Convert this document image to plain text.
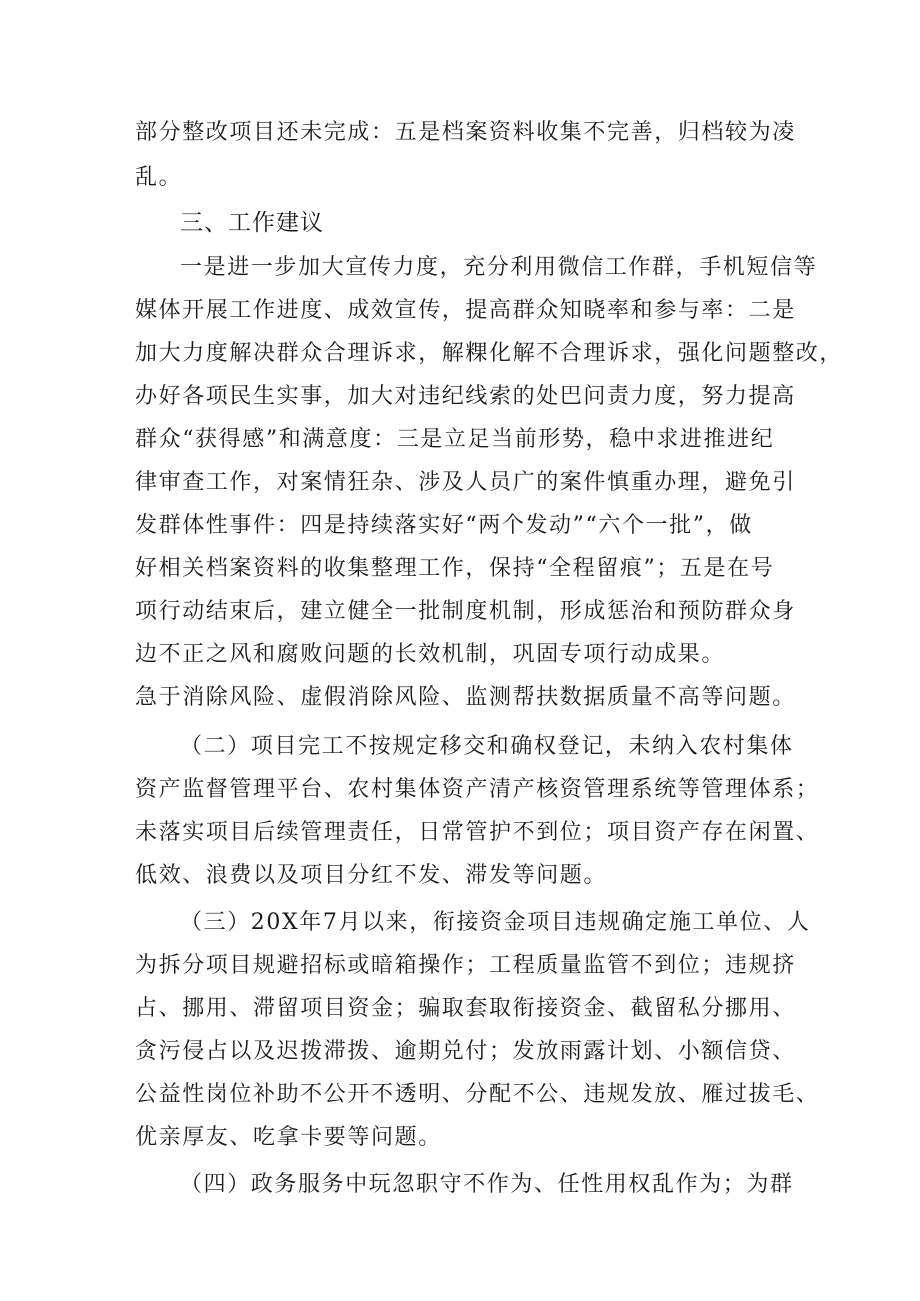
部分整改项目还未完成：五是档案资料收集不完善，归档较为凌
乱。
三、工作建议
一是进一步加大宣传力度，充分利用微信工作群，手机短信等
媒体开展工作进度、成效宣传，提高群众知晓率和参与率：二是
加大力度解决群众合理诉求，解粿化解不合理诉求，强化问题整改，
办好各项民生实事，加大对违纪线索的处巴问责力度，努力提高
群众“获得感”和满意度：三是立足当前形势，稳中求进推进纪
律审查工作，对案情狂杂、涉及人员广的案件慎重办理，避免引
发群体性事件：四是持续落实好“两个发动”“六个一批”，做
好相关档案资料的收集整理工作，保持“全程留痕”；五是在号
项行动结束后，建立健全一批制度机制，形成惩治和预防群众身
边不正之风和腐败问题的长效机制，巩固专项行动成果。
急于消除风险、虚假消除风险、监测帮扶数据质量不高等问题。
（二）项目完工不按规定移交和确权登记，未纳入农村集体
资产监督管理平台、农村集体资产清产核资管理系统等管理体系；
未落实项目后续管理责任，日常管护不到位；项目资产存在闲置、
低效、浪费以及项目分红不发、滞发等问题。
（三）20X年7月以来，衔接资金项目违规确定施工单位、人
为拆分项目规避招标或暗箱操作；工程质量监管不到位；违规挤
占、挪用、滞留项目资金；骗取套取衔接资金、截留私分挪用、
贪污侵占以及迟拨滞拨、逾期兑付；发放雨露计划、小额信贷、
公益性岗位补助不公开不透明、分配不公、违规发放、雁过拔毛、
优亲厚友、吃拿卡要等问题。
（四）政务服务中玩忽职守不作为、任性用权乱作为；为群
